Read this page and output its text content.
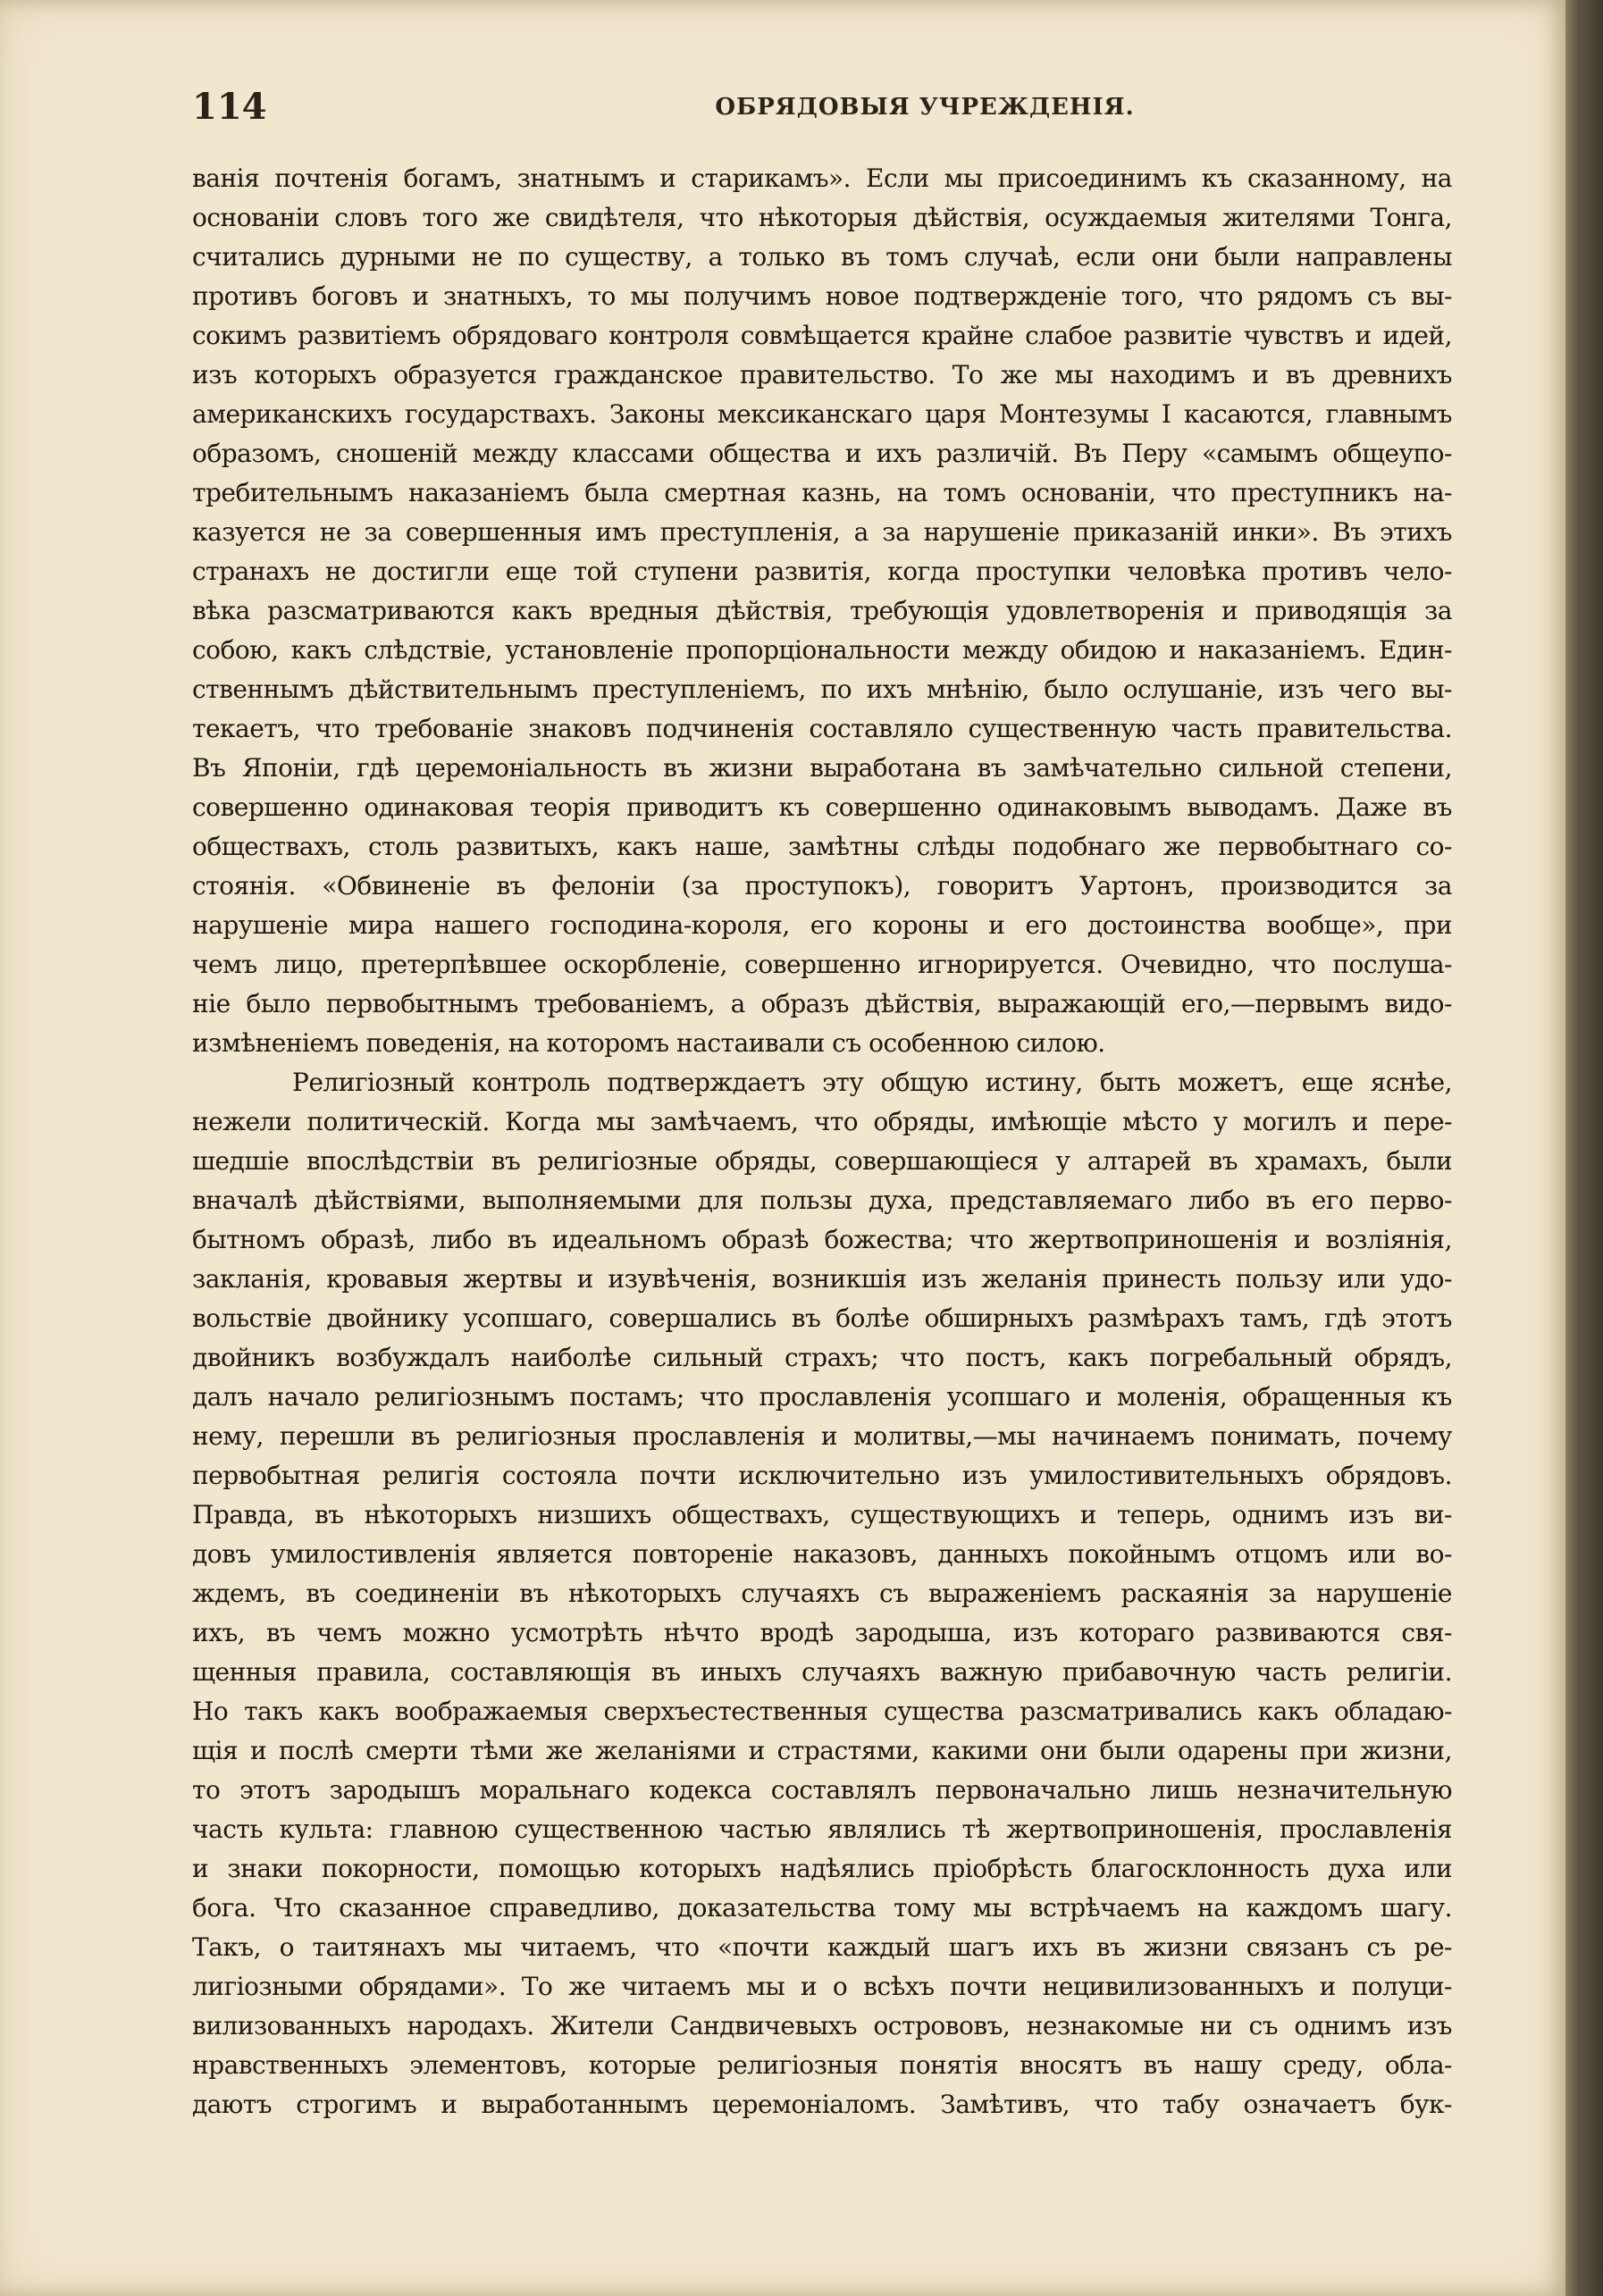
114	ОБРЯДОВЫЯ УЧРЕЖДЕНІЯ.
ванія почтенія богамъ, знатнымъ и старикамъ». Если мы присоединимъ къ сказанному, на
основаніи словъ того же свидѣтеля, что нѣкоторыя дѣйствія, осуждаемыя жителями Тонга,
считались дурными не по существу, а только въ томъ случаѣ, если они были направлены
противъ боговъ и знатныхъ, то мы получимъ новое подтвержденіе того, что рядомъ съ вы-
сокимъ развитіемъ обрядоваго контроля совмѣщается крайне слабое развитіе чувствъ и идей,
изъ которыхъ образуется гражданское правительство. То же мы находимъ и въ древнихъ
американскихъ государствахъ. Законы мексиканскаго царя Монтезумы I касаются, главнымъ
образомъ, сношеній между классами общества и ихъ различій. Въ Перу «самымъ общеупо-
требительнымъ наказаніемъ была смертная казнь, на томъ основаніи, что преступникъ на-
казуется не за совершенныя имъ преступленія, а за нарушеніе приказаній инки». Въ этихъ
странахъ не достигли еще той ступени развитія, когда проступки человѣка противъ чело-
вѣка разсматриваются какъ вредныя дѣйствія, требующія удовлетворенія и приводящія за
собою, какъ слѣдствіе, установленіе пропорціональности между обидою и наказаніемъ. Един-
ственнымъ дѣйствительнымъ преступленіемъ, по ихъ мнѣнію, было ослушаніе, изъ чего вы-
текаетъ, что требованіе знаковъ подчиненія составляло существенную часть правительства.
Въ Японіи, гдѣ церемоніальность въ жизни выработана въ замѣчательно сильной степени,
совершенно одинаковая теорія приводитъ къ совершенно одинаковымъ выводамъ. Даже въ
обществахъ, столь развитыхъ, какъ наше, замѣтны слѣды подобнаго же первобытнаго со-
стоянія. «Обвиненіе въ фелоніи (за проступокъ), говоритъ Уартонъ, производится за
нарушеніе мира нашего господина-короля, его короны и его достоинства вообще», при
чемъ лицо, претерпѣвшее оскорбленіе, совершенно игнорируется. Очевидно, что послуша-
ніе было первобытнымъ требованіемъ, а образъ дѣйствія, выражающій его,—первымъ видо-
измѣненіемъ поведенія, на которомъ настаивали съ особенною силою.
Религіозный контроль подтверждаетъ эту общую истину, быть можетъ, еще яснѣе,
нежели политическій. Когда мы замѣчаемъ, что обряды, имѣющіе мѣсто у могилъ и пере-
шедшіе впослѣдствіи въ религіозные обряды, совершающіеся у алтарей въ храмахъ, были
вначалѣ дѣйствіями, выполняемыми для пользы духа, представляемаго либо въ его перво-
бытномъ образѣ, либо въ идеальномъ образѣ божества; что жертвоприношенія и возліянія,
закланія, кровавыя жертвы и изувѣченія, возникшія изъ желанія принесть пользу или удо-
вольствіе двойнику усопшаго, совершались въ болѣе обширныхъ размѣрахъ тамъ, гдѣ этотъ
двойникъ возбуждалъ наиболѣе сильный страхъ; что постъ, какъ погребальный обрядъ,
далъ начало религіознымъ постамъ; что прославленія усопшаго и моленія, обращенныя къ
нему, перешли въ религіозныя прославленія и молитвы,—мы начинаемъ понимать, почему
первобытная религія состояла почти исключительно изъ умилостивительныхъ обрядовъ.
Правда, въ нѣкоторыхъ низшихъ обществахъ, существующихъ и теперь, однимъ изъ ви-
довъ умилостивленія является повтореніе наказовъ, данныхъ покойнымъ отцомъ или во-
ждемъ, въ соединеніи въ нѣкоторыхъ случаяхъ съ выраженіемъ раскаянія за нарушеніе
ихъ, въ чемъ можно усмотрѣть нѣчто вродѣ зародыша, изъ котораго развиваются свя-
щенныя правила, составляющія въ иныхъ случаяхъ важную прибавочную часть религіи.
Но такъ какъ воображаемыя сверхъестественныя существа разсматривались какъ обладаю-
щія и послѣ смерти тѣми же желаніями и страстями, какими они были одарены при жизни,
то этотъ зародышъ моральнаго кодекса составлялъ первоначально лишь незначительную
часть культа: главною существенною частью являлись тѣ жертвоприношенія, прославленія
и знаки покорности, помощью которыхъ надѣялись пріобрѣсть благосклонность духа или
бога. Что сказанное справедливо, доказательства тому мы встрѣчаемъ на каждомъ шагу.
Такъ, о таитянахъ мы читаемъ, что «почти каждый шагъ ихъ въ жизни связанъ съ ре-
лигіозными обрядами». То же читаемъ мы и о всѣхъ почти нецивилизованныхъ и полуци-
вилизованныхъ народахъ. Жители Сандвичевыхъ острововъ, незнакомые ни съ однимъ изъ
нравственныхъ элементовъ, которые религіозныя понятія вносятъ въ нашу среду, обла-
даютъ строгимъ и выработаннымъ церемоніаломъ. Замѣтивъ, что табу означаетъ бук-
